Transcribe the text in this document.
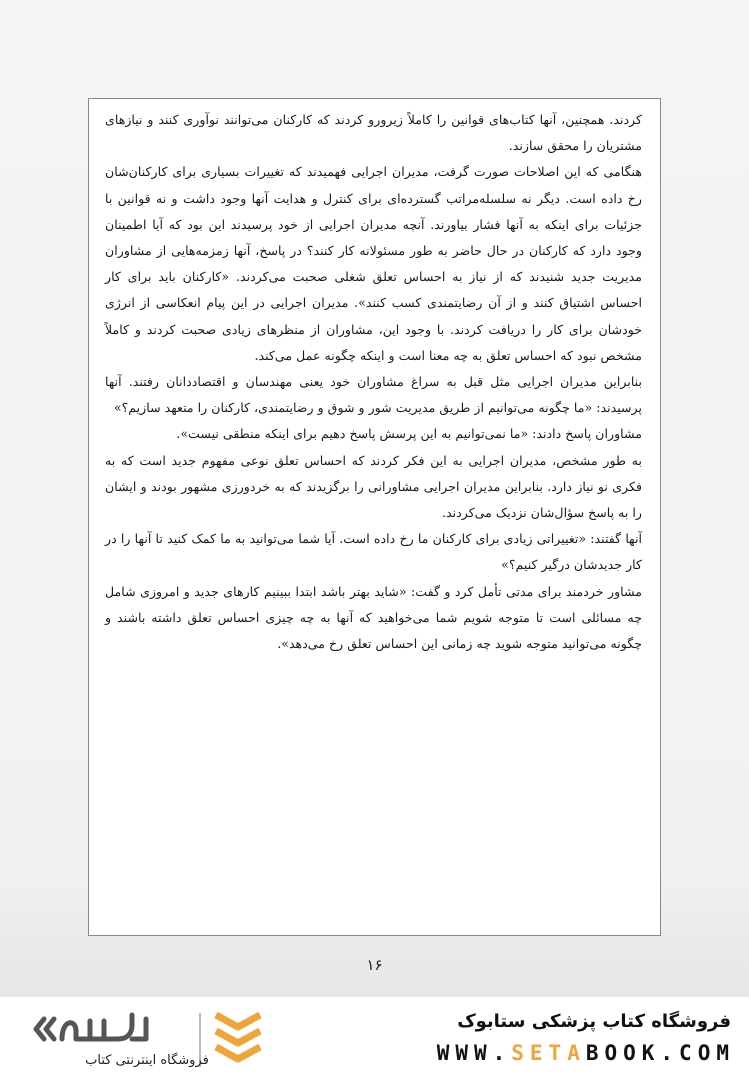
کردند. همچنین، آنها کتاب‌های قوانین را کاملاً زیرورو کردند که کارکنان می‌توانند نوآوری کنند و نیازهای مشتریان را محقق سازند.

هنگامی که این اصلاحات صورت گرفت، مدیران اجرایی فهمیدند که تغییرات بسیاری برای کارکنان‌شان رخ داده است. دیگر نه سلسله‌مراتب گسترده‌ای برای کنترل و هدایت آنها وجود داشت و نه قوانین با جزئیات برای اینکه به آنها فشار بیاورند. آنچه مدیران اجرایی از خود پرسیدند این بود که آیا اطمینان وجود دارد که کارکنان در حال حاضر به طور مسئولانه کار کنند؟ در پاسخ، آنها زمزمه‌هایی از مشاوران مدیریت جدید شنیدند که از نیاز به احساس تعلق شغلی صحبت می‌کردند. «کارکنان باید برای کار احساس اشتیاق کنند و از آن رضایتمندی کسب کنند». مدیران اجرایی در این پیام انعکاسی از انرژی خودشان برای کار را دریافت کردند. با وجود این، مشاوران از منظرهای زیادی صحبت کردند و کاملاً مشخص نبود که احساس تعلق به چه معنا است و اینکه چگونه عمل می‌کند.

بنابراین مدیران اجرایی مثل قبل به سراغ مشاوران خود یعنی مهندسان و اقتصاددانان رفتند. آنها پرسیدند: «ما چگونه می‌توانیم از طریق مدیریت شور و شوق و رضایتمندی، کارکنان را متعهد سازیم؟»

مشاوران پاسخ دادند: «ما نمی‌توانیم به این پرسش پاسخ دهیم برای اینکه منطقی نیست».

به طور مشخص، مدیران اجرایی به این فکر کردند که احساس تعلق نوعی مفهوم جدید است که به فکری نو نیاز دارد. بنابراین مدیران اجرایی مشاورانی را برگزیدند که به خردورزی مشهور بودند و ایشان را به پاسخ سؤال‌شان نزدیک می‌کردند.

آنها گفتند: «تغییراتی زیادی برای کارکنان ما رخ داده است. آیا شما می‌توانید به ما کمک کنید تا آنها را در کار جدیدشان درگیر کنیم؟»

مشاور خردمند برای مدتی تأمل کرد و گفت: «شاید بهتر باشد ابتدا ببینیم کارهای جدید و امروزی شامل چه مسائلی است تا متوجه شویم شما می‌خواهید که آنها به چه چیزی احساس تعلق داشته باشند و چگونه می‌توانید متوجه شوید چه زمانی این احساس تعلق رخ می‌دهد».

۱۶
فروشگاه اینترنتی کتاب
فروشگاه کتاب پزشکی ستابوک
WWW.SETABOOK.COM
